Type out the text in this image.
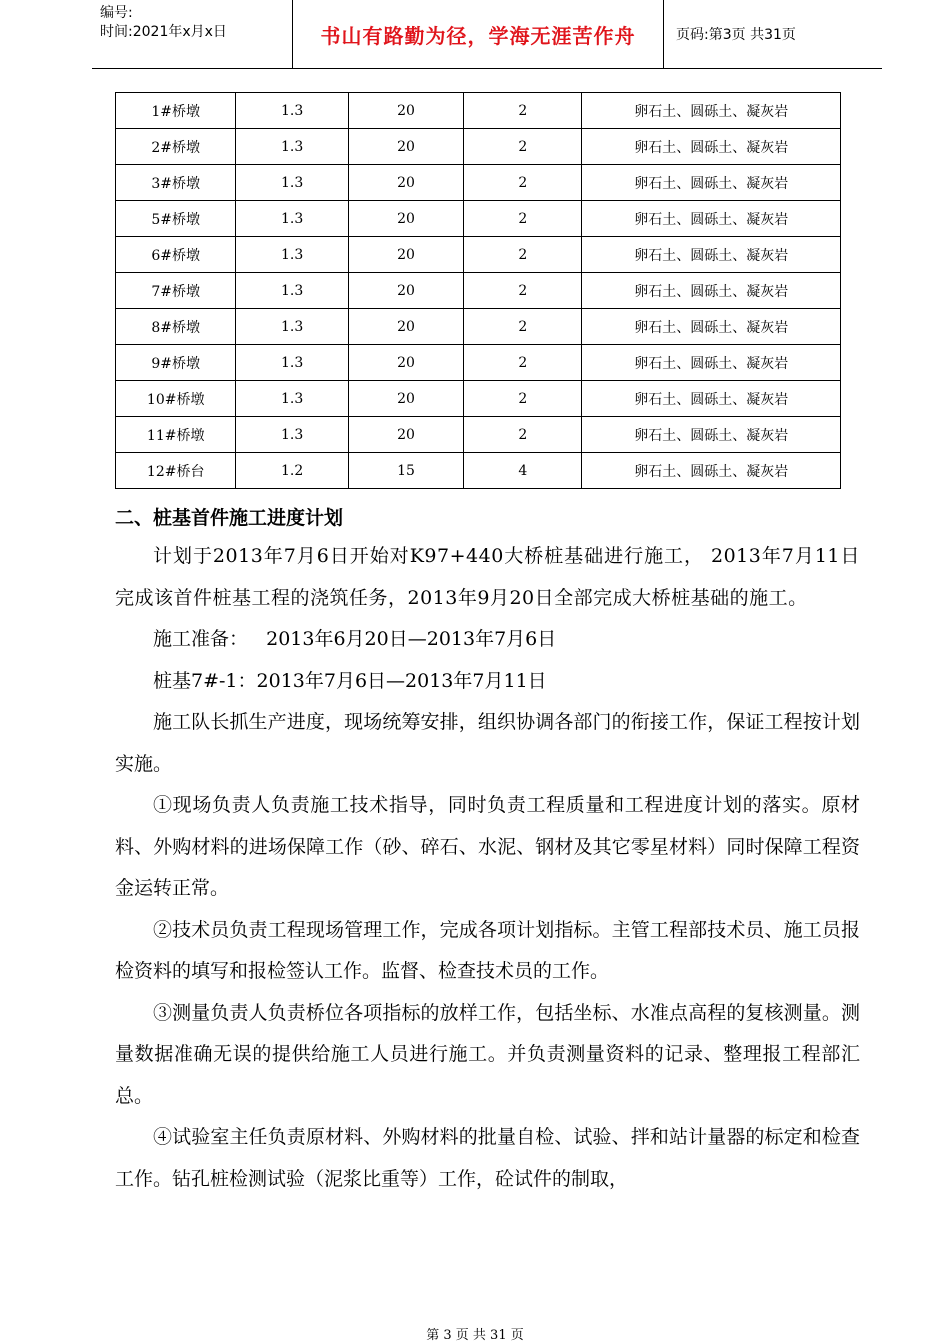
编号:
时间:2021年x月x日	书山有路勤为径，学海无涯苦作舟	页码:第3页 共31页
1#桥墩	1.3	20	2	卵石土、圆砾土、凝灰岩
2#桥墩	1.3	20	2	卵石土、圆砾土、凝灰岩
3#桥墩	1.3	20	2	卵石土、圆砾土、凝灰岩
5#桥墩	1.3	20	2	卵石土、圆砾土、凝灰岩
6#桥墩	1.3	20	2	卵石土、圆砾土、凝灰岩
7#桥墩	1.3	20	2	卵石土、圆砾土、凝灰岩
8#桥墩	1.3	20	2	卵石土、圆砾土、凝灰岩
9#桥墩	1.3	20	2	卵石土、圆砾土、凝灰岩
10#桥墩	1.3	20	2	卵石土、圆砾土、凝灰岩
11#桥墩	1.3	20	2	卵石土、圆砾土、凝灰岩
12#桥台	1.2	15	4	卵石土、圆砾土、凝灰岩
二、桩基首件施工进度计划

计划于2013年7月6日开始对K97+440大桥桩基础进行施工， 2013年7月11日完成该首件桩基工程的浇筑任务，2013年9月20日全部完成大桥桩基础的施工。

施工准备：   2013年6月20日—2013年7月6日

桩基7#-1：2013年7月6日—2013年7月11日

施工队长抓生产进度，现场统筹安排，组织协调各部门的衔接工作，保证工程按计划实施。

①现场负责人负责施工技术指导，同时负责工程质量和工程进度计划的落实。原材料、外购材料的进场保障工作（砂、碎石、水泥、钢材及其它零星材料）同时保障工程资金运转正常。

②技术员负责工程现场管理工作，完成各项计划指标。主管工程部技术员、施工员报检资料的填写和报检签认工作。监督、检查技术员的工作。

③测量负责人负责桥位各项指标的放样工作，包括坐标、水准点高程的复核测量。测量数据准确无误的提供给施工人员进行施工。并负责测量资料的记录、整理报工程部汇总。

④试验室主任负责原材料、外购材料的批量自检、试验、拌和站计量器的标定和检查工作。钻孔桩检测试验（泥浆比重等）工作，砼试件的制取，

第 3 页 共 31 页
